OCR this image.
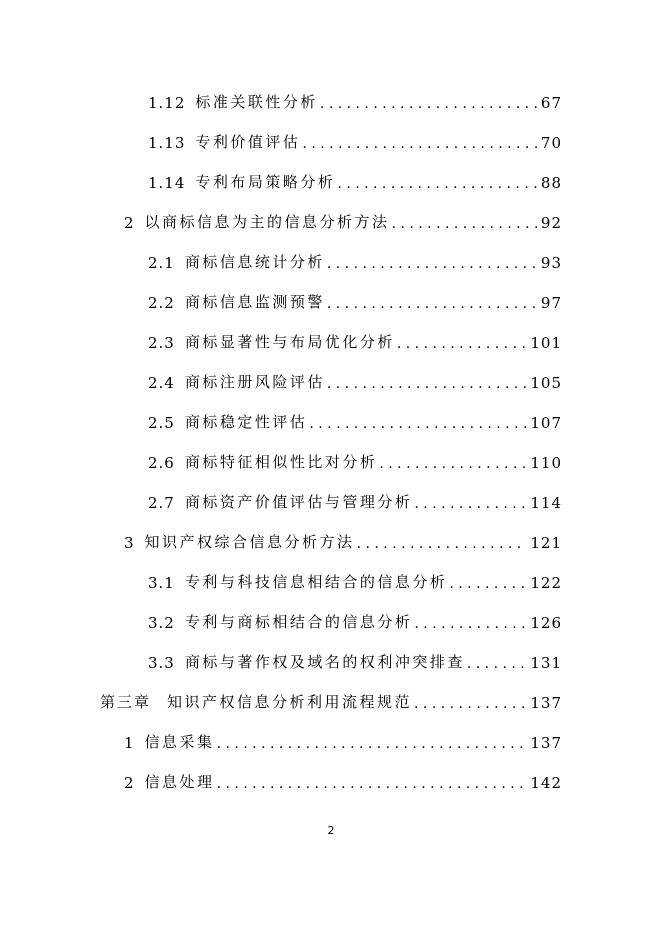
1.12 标准关联性分析 . . .	67
1.13 专利价值评估 . . .	70
1.14 专利布局策略分析 . . .	88
2 以商标信息为主的信息分析方法 . . .	92
2.1 商标信息统计分析 . . .	93
2.2 商标信息监测预警 . . .	97
2.3 商标显著性与布局优化分析 . . .	101
2.4 商标注册风险评估 . . .	105
2.5 商标稳定性评估 . . .	107
2.6 商标特征相似性比对分析 . . .	110
2.7 商标资产价值评估与管理分析 . . .	114
3 知识产权综合信息分析方法 . . .	121
3.1 专利与科技信息相结合的信息分析 . . .	122
3.2 专利与商标相结合的信息分析 . . .	126
3.3 商标与著作权及域名的权利冲突排查 . . .	131
第三章 知识产权信息分析利用流程规范 . . .	137
1 信息采集 . . .	137
2 信息处理 . . .	142
2
